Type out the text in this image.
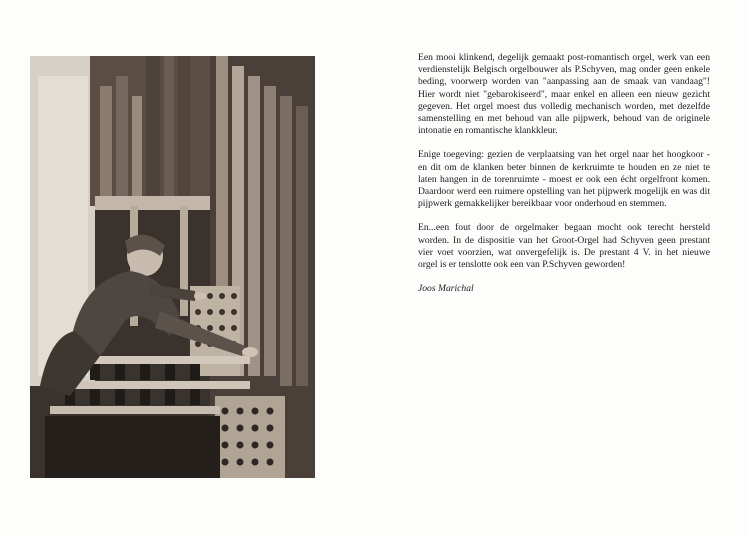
Een mooi klinkend, degelijk gemaakt post-romantisch orgel, werk van een verdienstelijk Belgisch orgelbouwer als P.Schyven, mag onder geen enkele beding, voorwerp worden van "aanpassing aan de smaak van vandaag"! Hier wordt niet "gebarokiseerd", maar enkel en alleen een nieuw gezicht gegeven. Het orgel moest dus volledig mechanisch worden, met dezelfde samenstelling en met behoud van alle pijpwerk, behoud van de originele intonatie en romantische klankkleur.

Enige toegeving: gezien de verplaatsing van het orgel naar het hoogkoor - en dit om de klanken beter binnen de kerkruimte te houden en ze niet te laten hangen in de torenruimte - moest er ook een écht orgelfront komen. Daardoor werd een ruimere opstelling van het pijpwerk mogelijk en was dit pijpwerk gemakkelijker bereikbaar voor onderhoud en stemmen.

En...een fout door de orgelmaker begaan mocht ook terecht hersteld worden. In de dispositie van het Groot-Orgel had Schyven geen prestant vier voet voorzien, wat onvergefelijk is. De prestant 4 V. in het nieuwe orgel is er tenslotte ook een van P.Schyven geworden!

Joos Marichal
